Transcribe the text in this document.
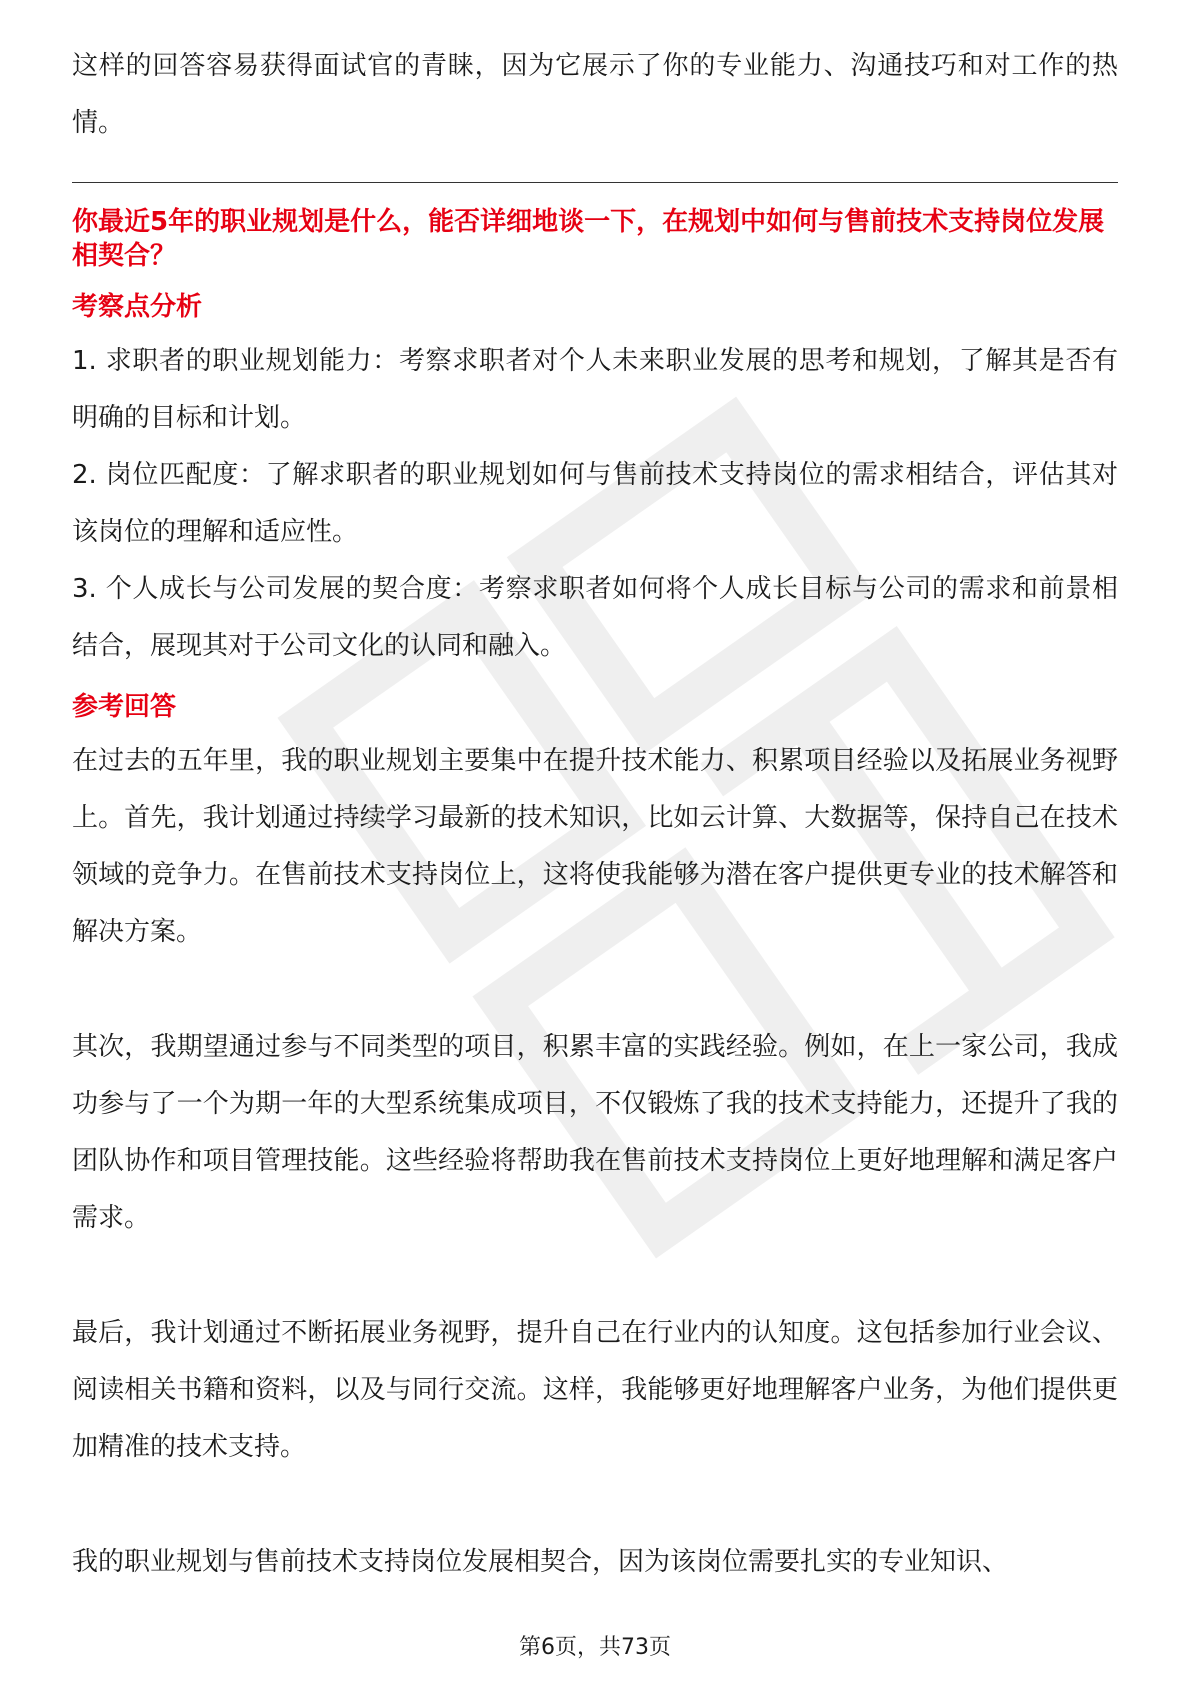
这样的回答容易获得面试官的青睐，因为它展示了你的专业能力、沟通技巧和对工作的热情。

你最近5年的职业规划是什么，能否详细地谈一下，在规划中如何与售前技术支持岗位发展相契合？

考察点分析

1. 求职者的职业规划能力：考察求职者对个人未来职业发展的思考和规划，了解其是否有明确的目标和计划。

2. 岗位匹配度：了解求职者的职业规划如何与售前技术支持岗位的需求相结合，评估其对该岗位的理解和适应性。

3. 个人成长与公司发展的契合度：考察求职者如何将个人成长目标与公司的需求和前景相结合，展现其对于公司文化的认同和融入。

参考回答

在过去的五年里，我的职业规划主要集中在提升技术能力、积累项目经验以及拓展业务视野上。首先，我计划通过持续学习最新的技术知识，比如云计算、大数据等，保持自己在技术领域的竞争力。在售前技术支持岗位上，这将使我能够为潜在客户提供更专业的技术解答和解决方案。

其次，我期望通过参与不同类型的项目，积累丰富的实践经验。例如，在上一家公司，我成功参与了一个为期一年的大型系统集成项目，不仅锻炼了我的技术支持能力，还提升了我的团队协作和项目管理技能。这些经验将帮助我在售前技术支持岗位上更好地理解和满足客户需求。

最后，我计划通过不断拓展业务视野，提升自己在行业内的认知度。这包括参加行业会议、阅读相关书籍和资料，以及与同行交流。这样，我能够更好地理解客户业务，为他们提供更加精准的技术支持。

我的职业规划与售前技术支持岗位发展相契合，因为该岗位需要扎实的专业知识、

第6页，共73页
